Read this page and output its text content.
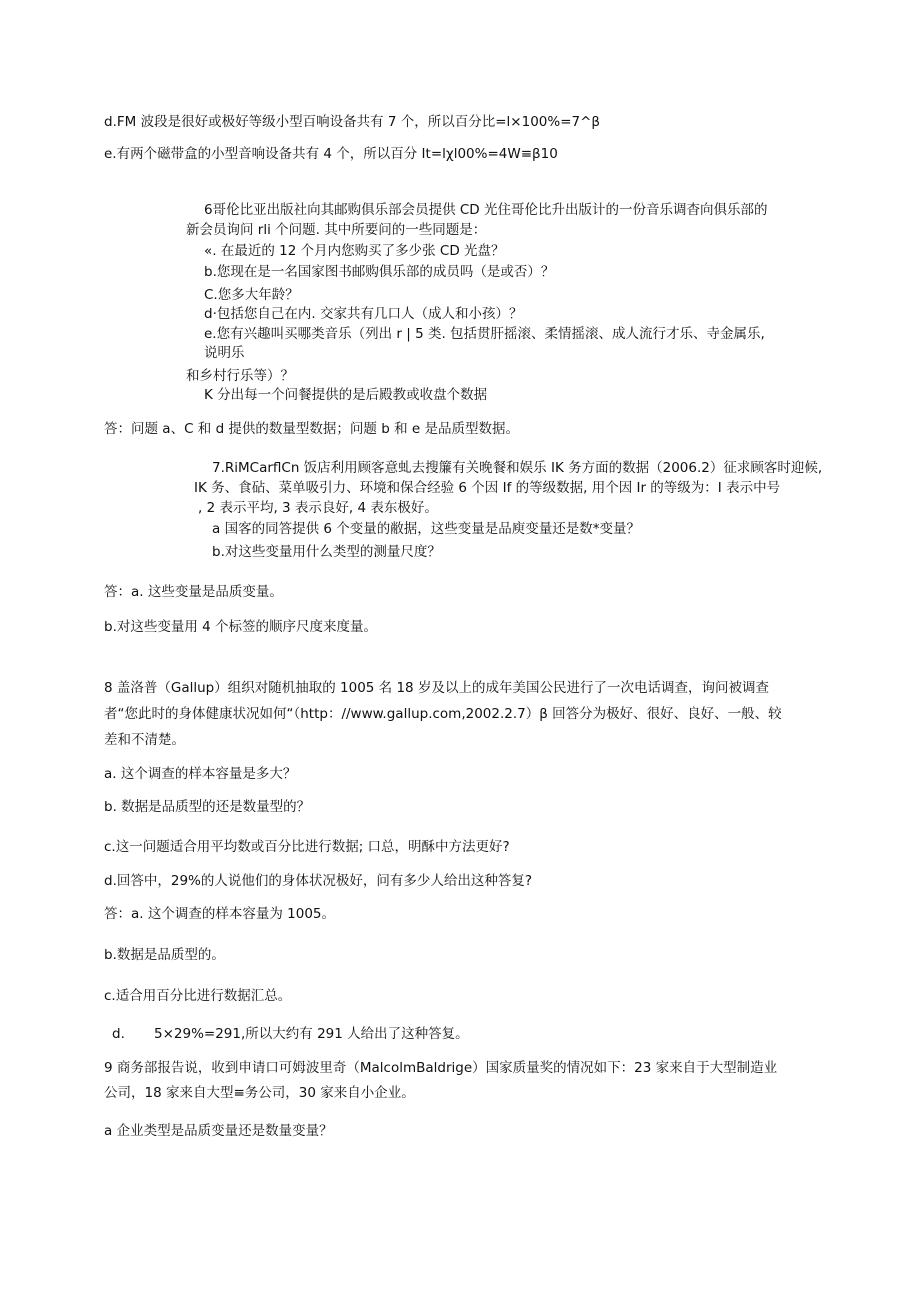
d.FM 波段是很好或极好等级小型百响设备共有 7 个，所以百分比=l×100%=7^β
e.有两个磁带盒的小型音响设备共有 4 个，所以百分 It=lχl00%=4W≡β10
6哥伦比亚出版社向其邮购俱乐部会员提供 CD 光住哥伦比升出版计的一份音乐调杳向俱乐部的
新会员询问 rli 个问题. 其中所要问的一些同题是：
«. 在最近的 12 个月内您购买了多少张 CD 光盘？
b.您现在是一名国家图书邮购俱乐部的成员吗（是或否）？
C.您多大年龄？
d·包括您自己在内. 交家共有几口人（成人和小孩）？
e.您有兴趣叫买哪类音乐（列出 r | 5 类. 包括贯肝摇滚、柔情摇滚、成人流行才乐、寺金属乐,
说明乐
和乡村行乐等）？
K 分出每一个问餐提供的是后殿教或收盘个数据
答：问题 a、C 和 d 提供的数量型数据；问题 b 和 e 是品质型数据。
7.RiMCarflCn 饭店利用顾客意虬去搜簾有关晚餐和娱乐 IK 务方面的数据（2006.2）征求顾客时迎候,
IK 务、食砧、菜单吸引力、环境和保合经验 6 个因 If 的等级数据, 用个因 Ir 的等级为：I 表示中号
, 2 表示平均, 3 表示良好, 4 表东极好。
a 国客的同答提供 6 个变量的敝据，这些变量是品庾变量还是数*变量？
b.对这些变量用什么类型的测量尺度？
答：a. 这些变量是品质变量。
b.对这些变量用 4 个标签的顺序尺度来度量。
8 盖洛普（Gallup）组织对随机抽取的 1005 名 18 岁及以上的成年美国公民进行了一次电话调查，询问被调查
者“您此时的身体健康状况如何“（http：//www.gallup.com,2002.2.7）β 回答分为极好、很好、良好、一般、较
差和不清楚。
a. 这个调查的样本容量是多大？
b. 数据是品质型的还是数量型的？
c.这一问题适合用平均数或百分比进行数据; 口总，明酥中方法更好?
d.回答中，29%的人说他们的身体状况极好，问有多少人给出这种答复?
答：a. 这个调查的样本容量为 1005。
b.数据是品质型的。
c.适合用百分比进行数据汇总。
d. 5×29%=291,所以大约有 291 人给出了这种答复。
9 商务部报告说，收到申请口可姆波里奇（MalcolmBaldrige）国家质量奖的情况如下：23 家来自于大型制造业
公司，18 家来自大型≡务公司，30 家来自小企业。
a 企业类型是品质变量还是数量变量？
